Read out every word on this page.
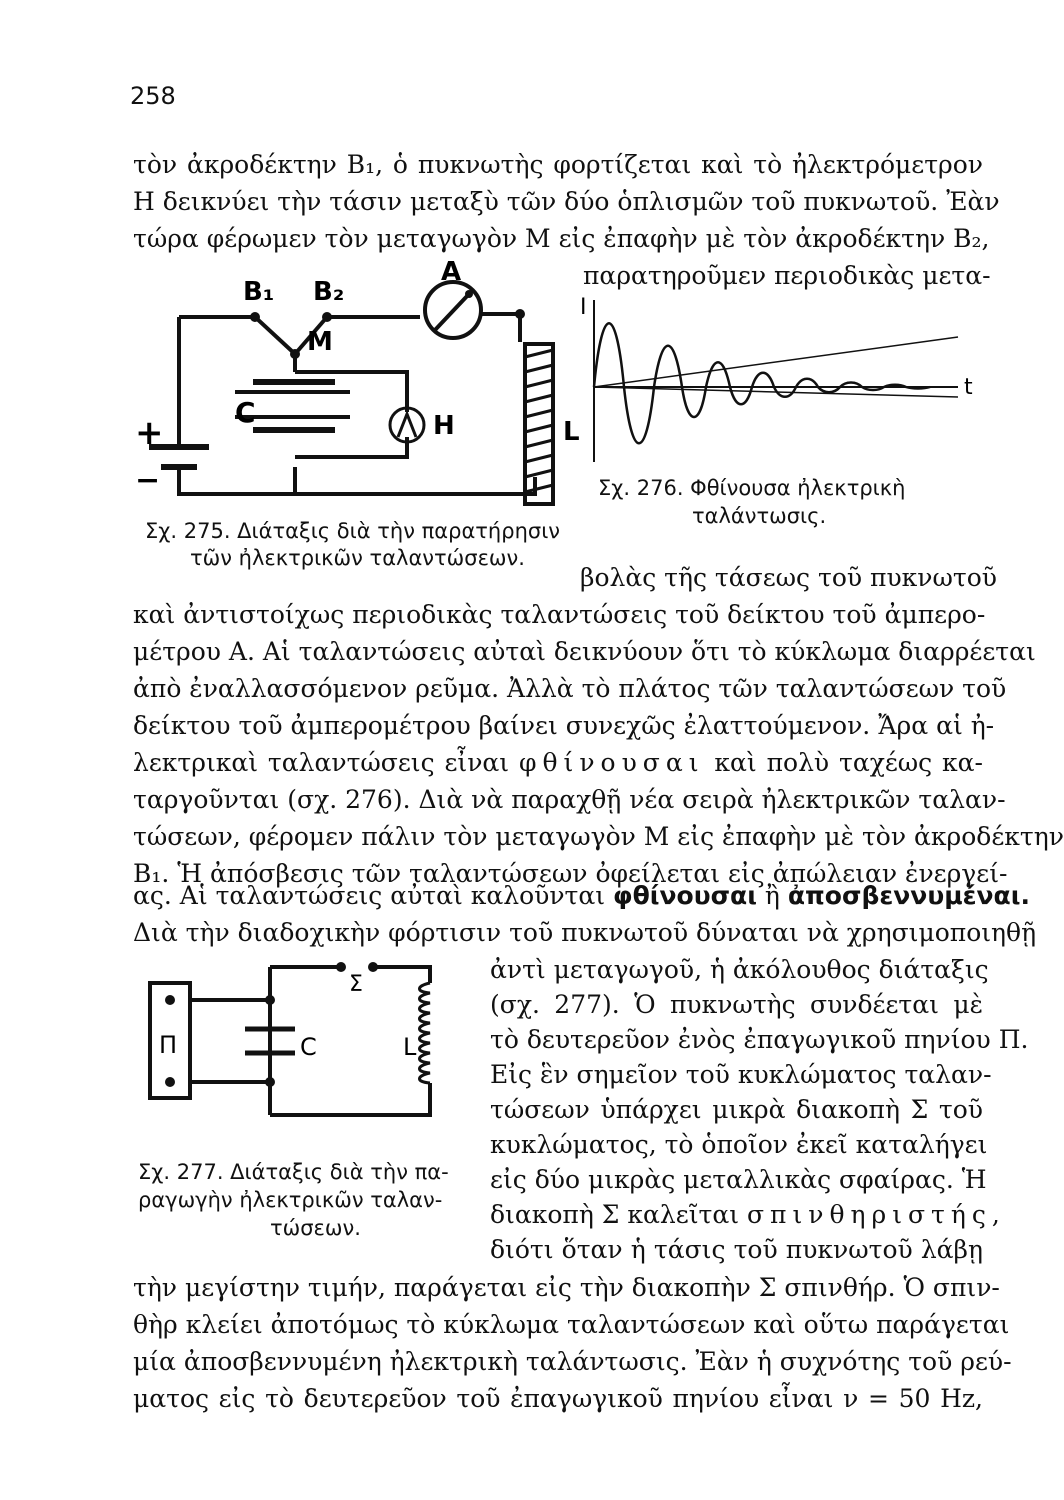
258
τὸν ἀκροδέκτην Β₁, ὁ πυκνωτὴς φορτίζεται καὶ τὸ ἠλεκτρόμετρον
Η δεικνύει τὴν τάσιν μεταξὺ τῶν δύο ὁπλισμῶν τοῦ πυκνωτοῦ. Ἐὰν
τώρα φέρωμεν τὸν μεταγωγὸν Μ εἰς ἐπαφὴν μὲ τὸν ἀκροδέκτην Β₂,
παρατηροῦμεν περιοδικὰς μετα-
B₁ B₂
M
A
C	H	L
+
−
Σχ. 275. Διάταξις διὰ τὴν παρατήρησιν
τῶν ἠλεκτρικῶν ταλαντώσεων.
I
t
Σχ. 276. Φθίνουσα ἠλεκτρικὴ
ταλάντωσις.
βολὰς τῆς τάσεως τοῦ πυκνωτοῦ
καὶ ἀντιστοίχως περιοδικὰς ταλαντώσεις τοῦ δείκτου τοῦ ἀμπερο-
μέτρου Α. Αἱ ταλαντώσεις αὐταὶ δεικνύουν ὅτι τὸ κύκλωμα διαρρέεται
ἀπὸ ἐναλλασσόμενον ρεῦμα. Ἀλλὰ τὸ πλάτος τῶν ταλαντώσεων τοῦ
δείκτου τοῦ ἀμπερομέτρου βαίνει συνεχῶς ἐλαττούμενον. Ἄρα αἱ ἠ-
λεκτρικαὶ ταλαντώσεις εἶναι φθίνουσαι καὶ πολὺ ταχέως κα-
ταργοῦνται (σχ. 276). Διὰ νὰ παραχθῇ νέα σειρὰ ἠλεκτρικῶν ταλαν-
τώσεων, φέρομεν πάλιν τὸν μεταγωγὸν Μ εἰς ἐπαφὴν μὲ τὸν ἀκροδέκτην
Β₁. Ἡ ἀπόσβεσις τῶν ταλαντώσεων ὀφείλεται εἰς ἀπώλειαν ἐνεργεί-
ας. Αἱ ταλαντώσεις αὐταὶ καλοῦνται φθίνουσαι ἢ ἀποσβεννυμέναι.
Διὰ τὴν διαδοχικὴν φόρτισιν τοῦ πυκνωτοῦ δύναται νὰ χρησιμοποιηθῇ
Π	C	L
Σ
Σχ. 277. Διάταξις διὰ τὴν πα-
ραγωγὴν ἠλεκτρικῶν ταλαν-
τώσεων.
ἀντὶ μεταγωγοῦ, ἡ ἀκόλουθος διάταξις
(σχ. 277). Ὁ πυκνωτὴς συνδέεται μὲ
τὸ δευτερεῦον ἐνὸς ἐπαγωγικοῦ πηνίου Π.
Εἰς ἓν σημεῖον τοῦ κυκλώματος ταλαν-
τώσεων ὑπάρχει μικρὰ διακοπὴ Σ τοῦ
κυκλώματος, τὸ ὁποῖον ἐκεῖ καταλήγει
εἰς δύο μικρὰς μεταλλικὰς σφαίρας. Ἡ
διακοπὴ Σ καλεῖται σπινθηριστής,
διότι ὅταν ἡ τάσις τοῦ πυκνωτοῦ λάβῃ
τὴν μεγίστην τιμήν, παράγεται εἰς τὴν διακοπὴν Σ σπινθήρ. Ὁ σπιν-
θὴρ κλείει ἀποτόμως τὸ κύκλωμα ταλαντώσεων καὶ οὕτω παράγεται
μία ἀποσβεννυμένη ἠλεκτρικὴ ταλάντωσις. Ἐὰν ἡ συχνότης τοῦ ρεύ-
ματος εἰς τὸ δευτερεῦον τοῦ ἐπαγωγικοῦ πηνίου εἶναι ν = 50 Ηz,
